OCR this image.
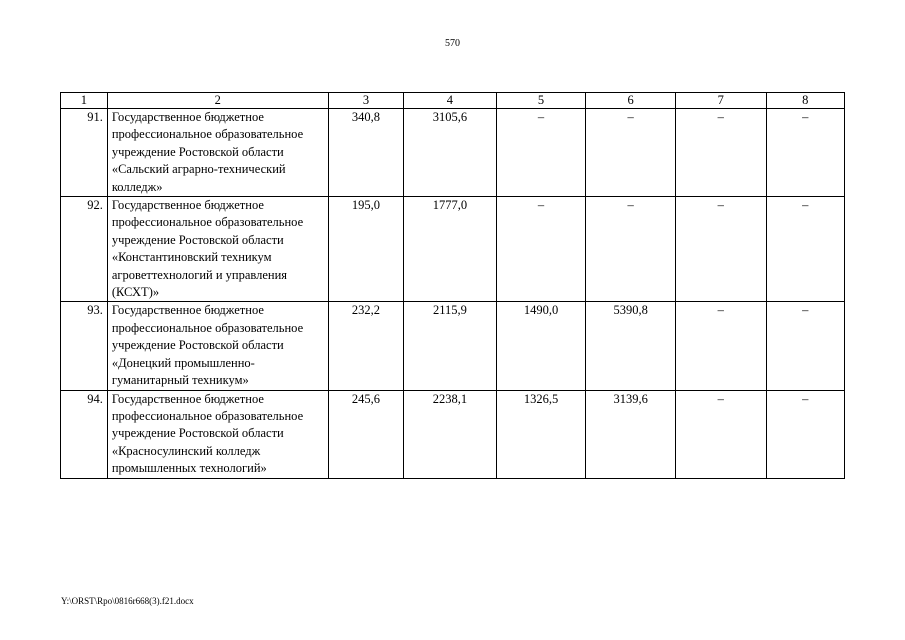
570
1	2	3	4	5	6	7	8
91.	Государственное бюджетное профессиональное образовательное учреждение Ростовской области «Сальский аграрно-технический колледж»	340,8	3105,6	–	–	–	–
92.	Государственное бюджетное профессиональное образовательное учреждение Ростовской области «Константиновский техникум агроветтехнологий и управления (КСХТ)»	195,0	1777,0	–	–	–	–
93.	Государственное бюджетное профессиональное образовательное учреждение Ростовской области «Донецкий промышленно-гуманитарный техникум»	232,2	2115,9	1490,0	5390,8	–	–
94.	Государственное бюджетное профессиональное образовательное учреждение Ростовской области «Красносулинский колледж промышленных технологий»	245,6	2238,1	1326,5	3139,6	–	–
Y:\ORST\Rpo\0816r668(3).f21.docx
